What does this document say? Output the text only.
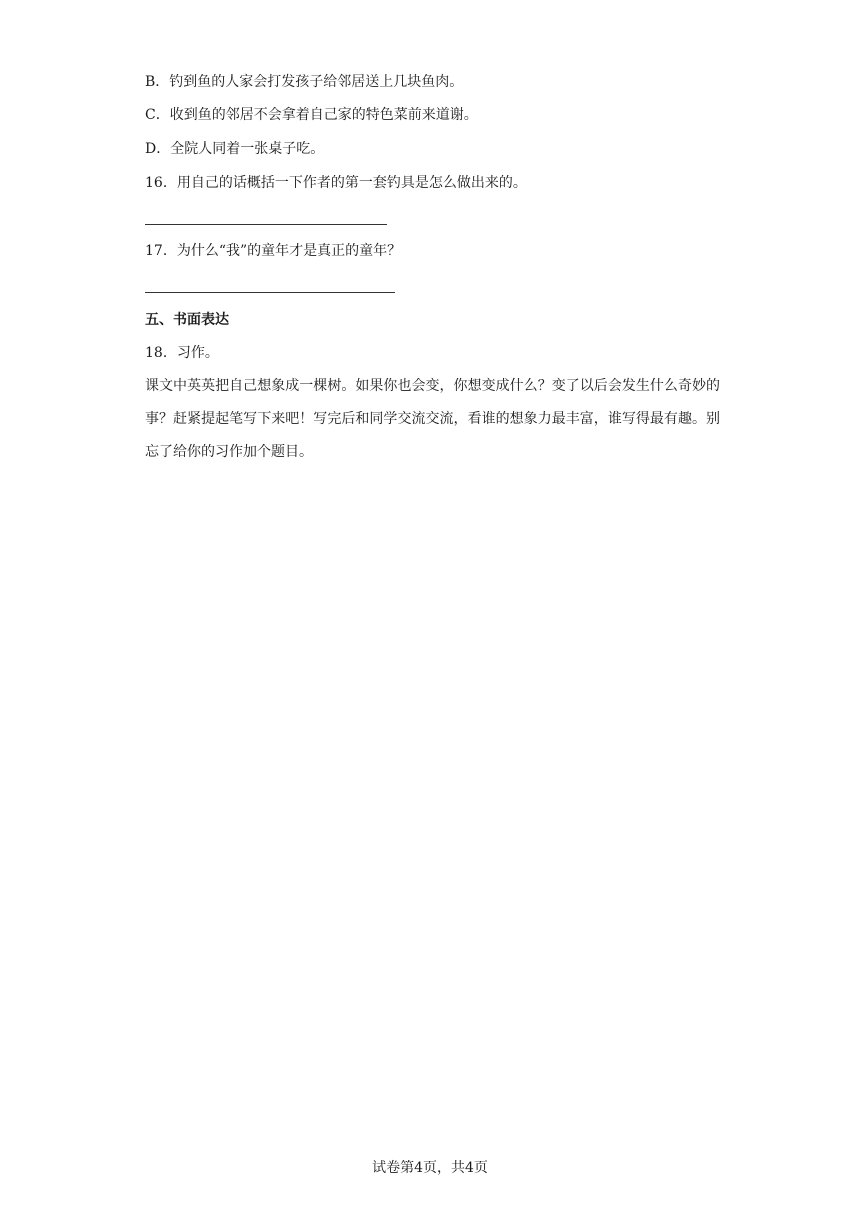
B．钓到鱼的人家会打发孩子给邻居送上几块鱼肉。
C．收到鱼的邻居不会拿着自己家的特色菜前来道谢。
D．全院人同着一张桌子吃。
16．用自己的话概括一下作者的第一套钓具是怎么做出来的。
17．为什么“我”的童年才是真正的童年？
五、书面表达
18．习作。
课文中英英把自己想象成一棵树。如果你也会变，你想变成什么？变了以后会发生什么奇妙的事？赶紧提起笔写下来吧！写完后和同学交流交流，看谁的想象力最丰富，谁写得最有趣。别忘了给你的习作加个题目。
试卷第4页，共4页
